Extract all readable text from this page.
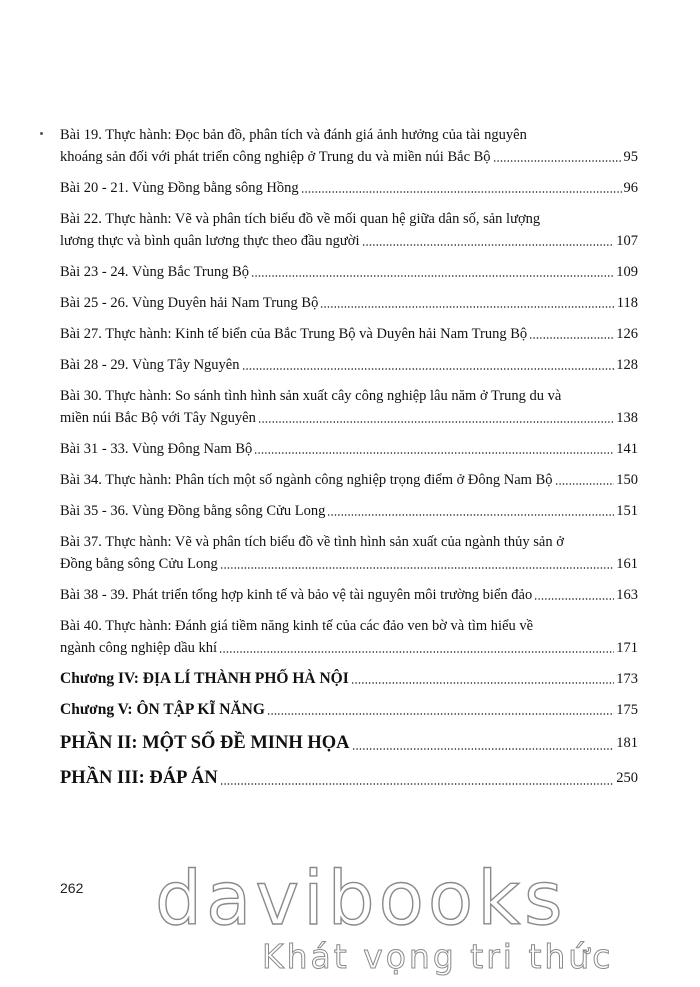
Bài 19. Thực hành: Đọc bản đồ, phân tích và đánh giá ảnh hưởng của tài nguyên
khoáng sản đối với phát triển công nghiệp ở Trung du và miền núi Bắc Bộ	95
Bài 20 - 21. Vùng Đồng bằng sông Hồng	96
Bài 22. Thực hành: Vẽ và phân tích biểu đồ về mối quan hệ giữa dân số, sản lượng
lương thực và bình quân lương thực theo đầu người	107
Bài 23 - 24. Vùng Bắc Trung Bộ	109
Bài 25 - 26. Vùng Duyên hải Nam Trung Bộ	118
Bài 27. Thực hành: Kinh tế biển của Bắc Trung Bộ và Duyên hải Nam Trung Bộ	126
Bài 28 - 29. Vùng Tây Nguyên	128
Bài 30. Thực hành: So sánh tình hình sản xuất cây công nghiệp lâu năm ở Trung du và
miền núi Bắc Bộ với Tây Nguyên	138
Bài 31 - 33. Vùng Đông Nam Bộ	141
Bài 34. Thực hành: Phân tích một số ngành công nghiệp trọng điểm ở Đông Nam Bộ	150
Bài 35 - 36. Vùng Đồng bằng sông Cửu Long	151
Bài 37. Thực hành: Vẽ và phân tích biểu đồ về tình hình sản xuất của ngành thủy sản ở
Đồng bằng sông Cửu Long	161
Bài 38 - 39. Phát triển tổng hợp kinh tế và bảo vệ tài nguyên môi trường biển đảo	163
Bài 40. Thực hành: Đánh giá tiềm năng kinh tế của các đảo ven bờ và tìm hiểu về
ngành công nghiệp dầu khí	171
Chương IV: ĐỊA LÍ THÀNH PHỐ HÀ NỘI	173
Chương V: ÔN TẬP KĨ NĂNG	175
PHẦN II: MỘT SỐ ĐỀ MINH HỌA	181
PHẦN III: ĐÁP ÁN	250
262 davibooks
Khát vọng tri thức
